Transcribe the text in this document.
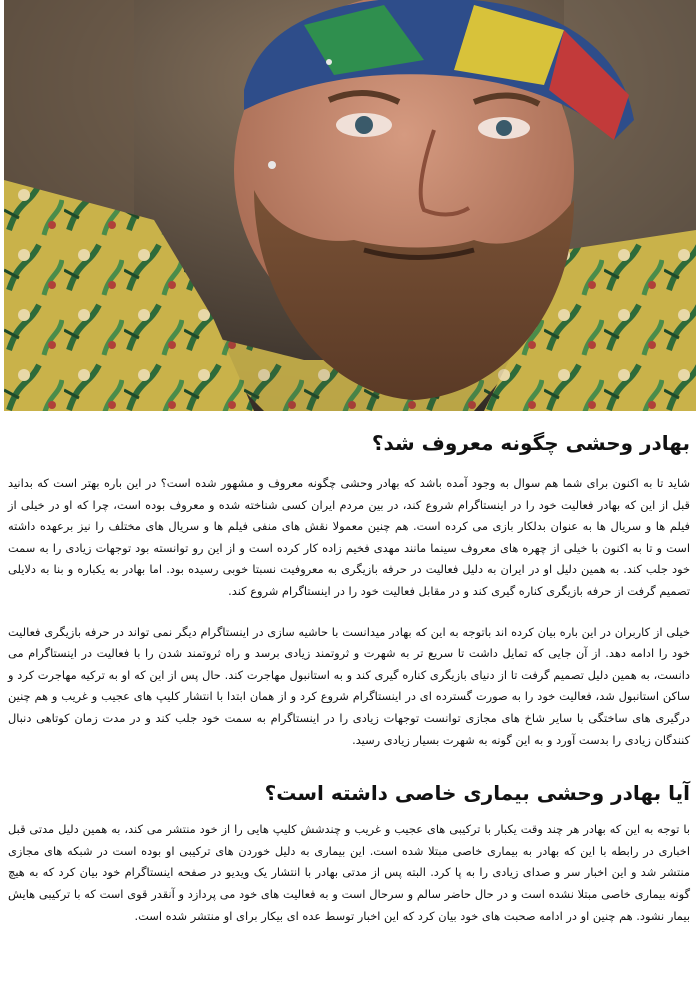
بهادر وحشی چگونه معروف شد؟

شاید تا به اکنون برای شما هم سوال به وجود آمده باشد که بهادر وحشی چگونه معروف و مشهور شده است؟ در این باره بهتر است که بدانید قبل از این که بهادر فعالیت خود را در اینستاگرام شروع کند، در بین مردم ایران کسی شناخته شده و معروف بوده است، چرا که او در خیلی از فیلم ها و سریال ها به عنوان بدلکار بازی می کرده است. هم چنین معمولا نقش های منفی فیلم ها و سریال های مختلف را نیز برعهده داشته است و تا به اکنون با خیلی از چهره های معروف سینما مانند مهدی فخیم زاده کار کرده است و از این رو توانسته بود توجهات زیادی را به سمت خود جلب کند. به همین دلیل او در ایران به دلیل فعالیت در حرفه بازیگری به معروفیت نسبتا خوبی رسیده بود. اما بهادر به یکباره و بنا به دلایلی تصمیم گرفت از حرفه بازیگری کناره گیری کند و در مقابل فعالیت خود را در اینستاگرام شروع کند.

خیلی از کاربران در این باره بیان کرده اند باتوجه به این که بهادر میدانست با حاشیه سازی در اینستاگرام دیگر نمی تواند در حرفه بازیگری فعالیت خود را ادامه دهد. از آن جایی که تمایل داشت تا سریع تر به شهرت و ثروتمند زیادی برسد و راه ثروتمند شدن را با فعالیت در اینستاگرام می دانست، به همین دلیل تصمیم گرفت تا از دنیای بازیگری کناره گیری کند و به استانبول مهاجرت کند. حال پس از این که او به ترکیه مهاجرت کرد و ساکن استانبول شد، فعالیت خود را به صورت گسترده ای در اینستاگرام شروع کرد و از همان ابتدا با انتشار کلیپ های عجیب و غریب و هم چنین درگیری های ساختگی با سایر شاخ های مجازی توانست توجهات زیادی را در اینستاگرام به سمت خود جلب کند و در مدت زمان کوتاهی دنبال کنندگان زیادی را بدست آورد و به این گونه به شهرت بسیار زیادی رسید.

آیا بهادر وحشی بیماری خاصی داشته است؟

با توجه به این که بهادر هر چند وقت یکبار با ترکیبی های عجیب و غریب و چندشش کلیپ هایی را از خود منتشر می کند، به همین دلیل مدتی قبل اخباری در رابطه با این که بهادر به بیماری خاصی مبتلا شده است. این بیماری به دلیل خوردن های ترکیبی او بوده است در شبکه های مجازی منتشر شد و این اخبار سر و صدای زیادی را به پا کرد. البته پس از مدتی بهادر با انتشار یک ویدیو در صفحه اینستاگرام خود بیان کرد که به هیچ گونه بیماری خاصی مبتلا نشده است و در حال حاضر سالم و سرحال است و به فعالیت های خود می پردازد و آنقدر قوی است که با ترکیبی هایش بیمار نشود. هم چنین او در ادامه صحبت های خود بیان کرد که این اخبار توسط عده ای بیکار برای او منتشر شده است.
